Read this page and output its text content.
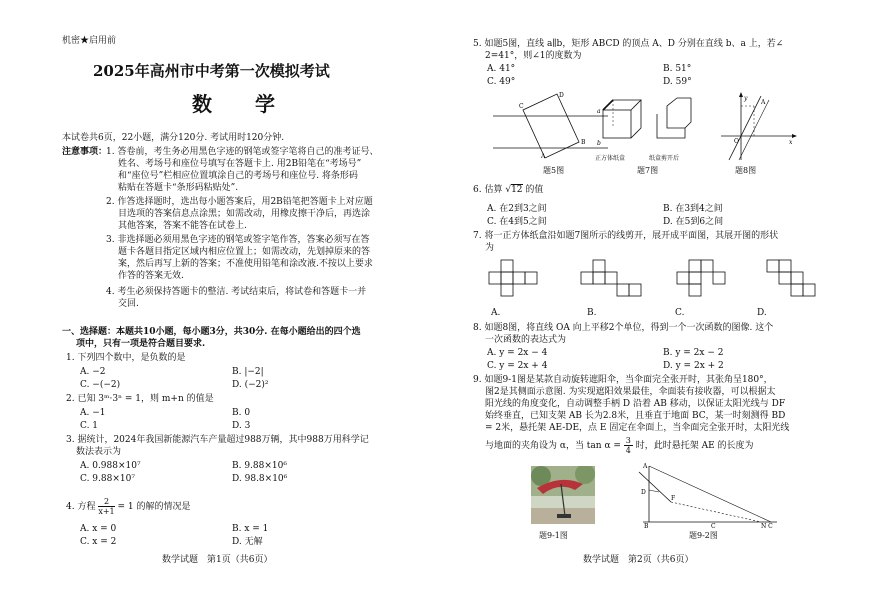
机密★启用前
2025年高州市中考第一次模拟考试
数 学
本试卷共6页，22小题，满分120分. 考试用时120分钟.
注意事项：
1. 答卷前，考生务必用黑色字迹的钢笔或签字笔将自己的准考证号、
姓名、考场号和座位号填写在答题卡上. 用2B铅笔在“考场号”
和“座位号”栏相应位置填涂自己的考场号和座位号. 将条形码
粘贴在答题卡“条形码粘贴处”.
2. 作答选择题时，选出每小题答案后，用2B铅笔把答题卡上对应题
目选项的答案信息点涂黑；如需改动，用橡皮擦干净后，再选涂
其他答案，答案不能答在试卷上.
3. 非选择题必须用黑色字迹的钢笔或签字笔作答，答案必须写在答
题卡各题目指定区域内相应位置上；如需改动，先划掉原来的答
案，然后再写上新的答案；不准使用铅笔和涂改液.不按以上要求
作答的答案无效.
4. 考生必须保持答题卡的整洁. 考试结束后，将试卷和答题卡一并
交回.
一、选择题：本题共10小题，每小题3分，共30分. 在每小题给出的四个选
项中，只有一项是符合题目要求.
1. 下列四个数中，是负数的是
A. −2	B. |−2|
C. −(−2)	D. (−2)²
2. 已知 3ᵐ·3ⁿ = 1，则 m+n 的值是
A. −1	B. 0
C. 1	D. 3
3. 据统计，2024年我国新能源汽车产量超过988万辆，其中988万用科学记
数法表示为
A. 0.988×10⁷	B. 9.88×10⁶
C. 9.88×10⁷	D. 98.8×10⁶
4. 方程 $\frac{2}{x+1} = 1$ 的解的情况是
A. x = 0	B. x = 1
C. x = 2	D. 无解
数学试题　第1页（共6页）
5. 如题5图，直线 a∥b，矩形 ABCD 的顶点 A、D 分别在直线 b、a 上，若∠
2=41°，则∠1的度数为
A. 41°	B. 51°
C. 49°	D. 59°
a
b
C
A
B
D
题5图
正方体纸盒	纸盒剪开后
题7图
O
A
x
y
题8图
6. 估算 √12 的值
A. 在2到3之间	B. 在3到4之间
C. 在4到5之间	D. 在5到6之间
7. 将一正方体纸盒沿如题7图所示的线剪开，展开成平面图，其展开图的形状
为
A.	B.	C.	D.
8. 如题8图，将直线 OA 向上平移2个单位，得到一个一次函数的图像. 这个
一次函数的表达式为
A. y = 2x − 4	B. y = 2x − 2
C. y = 2x + 4	D. y = 2x + 2
9. 如题9-1图是某款自动旋转遮阳伞，当伞面完全张开时，其张角呈180°，
图2是其侧面示意图. 为实现遮阳效果最佳，伞面装有接收器，可以根据太
阳光线的角度变化，自动调整手柄 D 沿着 AB 移动，以保证太阳光线与 DF
始终垂直，已知支架 AB 长为2.8米，且垂直于地面 BC，某一时刻测得 BD
= 2米，悬托架 AE-DE，点 E 固定在伞面上，当伞面完全张开时，太阳光线
与地面的夹角设为 α，当 $\tan \alpha = \frac{3}{4}$ 时，此时悬托架 AE 的长度为
题9-1图
A
F
D
B	C	N C
题9-2图
数学试题　第2页（共6页）
